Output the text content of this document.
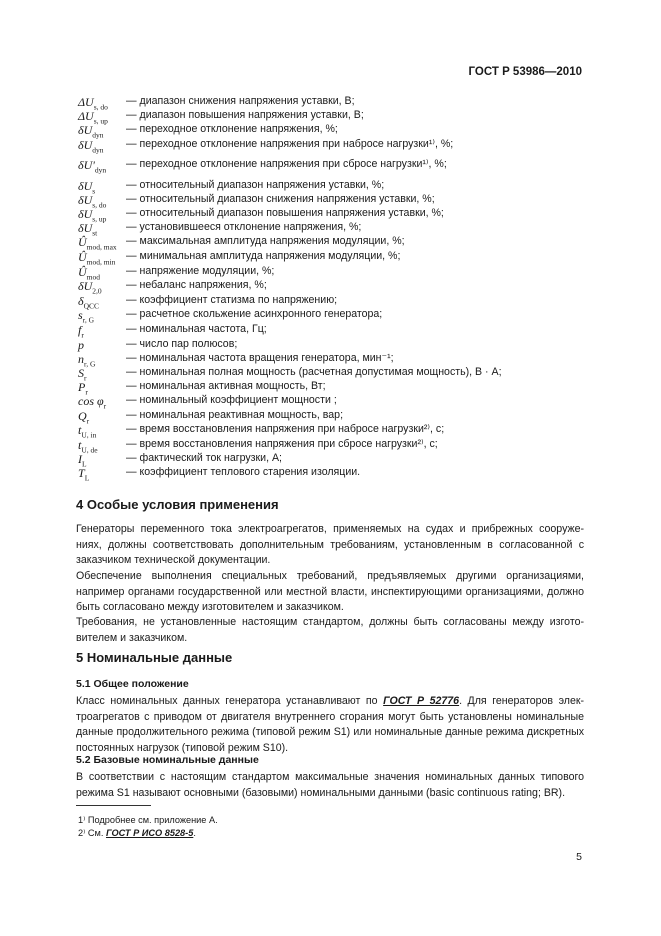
ГОСТ Р 53986—2010
$\Delta U_{s, do}$ — диапазон снижения напряжения уставки, В;
$\Delta U_{s, up}$ — диапазон повышения напряжения уставки, В;
$\delta U_{dyn}$ — переходное отклонение напряжения, %;
$\delta U_{dyn}$ — переходное отклонение напряжения при набросе нагрузки¹⁾, %;
$\delta U'_{dyn}$ — переходное отклонение напряжения при сбросе нагрузки¹⁾, %;
$\delta U_s$	— относительный диапазон напряжения уставки, %;
$\delta U_{s, do}$ — относительный диапазон снижения напряжения уставки, %;
$\delta U_{s, up}$ — относительный диапазон повышения напряжения уставки, %;
$\delta U_{st}$	— установившееся отклонение напряжения, %;
$Û_{mod, max}$ — максимальная амплитуда напряжения модуляции, %;
$Û_{mod, min}$ — минимальная амплитуда напряжения модуляции, %;
$Û_{mod}$ — напряжение модуляции, %;
$\delta U_{2,0}$ — небаланс напряжения, %;
$\delta_{QCC}$	— коэффициент статизма по напряжению;
$s_{r, G}$	— расчетное скольжение асинхронного генератора;
$f_r$	— номинальная частота, Гц;
p	— число пар полюсов;
$n_{r, G}$	— номинальная частота вращения генератора, мин⁻¹;
$S_r$	— номинальная полная мощность (расчетная допустимая мощность), В · А;
$P_r$	— номинальная активная мощность, Вт;
$\cos \varphi_r$ — номинальный коэффициент мощности ;
$Q_r$	— номинальная реактивная мощность, вар;
$t_{U, in}$	— время восстановления напряжения при набросе нагрузки²⁾, с;
$t_{U, de}$	— время восстановления напряжения при сбросе нагрузки²⁾, с;
$I_L$	— фактический ток нагрузки, А;
$T_L$	— коэффициент теплового старения изоляции.
4 Особые условия применения
Генераторы переменного тока электроагрегатов, применяемых на судах и прибрежных сооруже-
ниях, должны соответствовать дополнительным требованиям, установленным в согласованной с
заказчиком технической документации.
Обеспечение выполнения специальных требований, предъявляемых другими организациями,
например органами государственной или местной власти, инспектирующими организациями, должно
быть согласовано между изготовителем и заказчиком.
Требования, не установленные настоящим стандартом, должны быть согласованы между изгото-
вителем и заказчиком.
5 Номинальные данные
5.1 Общее положение
Класс номинальных данных генератора устанавливают по ГОСТ Р 52776. Для генераторов элек-
троагрегатов с приводом от двигателя внутреннего сгорания могут быть установлены номинальные
данные продолжительного режима (типовой режим S1) или номинальные данные режима дискретных
постоянных нагрузок (типовой режим S10).
5.2 Базовые номинальные данные
В соответствии с настоящим стандартом максимальные значения номинальных данных типового
режима S1 называют основными (базовыми) номинальными данными (basic continuous rating; BR).
1⁾ Подробнее см. приложение А.
2⁾ См. ГОСТ Р ИСО 8528-5.
5
